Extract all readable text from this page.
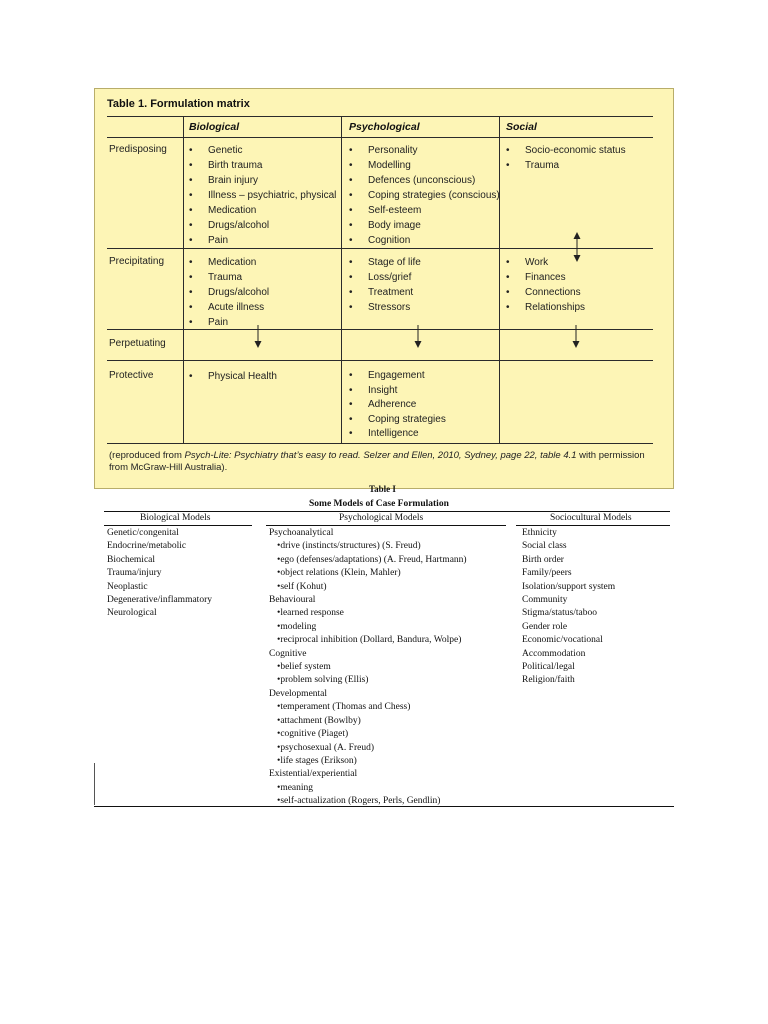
Table 1. Formulation matrix
Biological	Psychological	Social
Predisposing
Precipitating
Perpetuating
Protective
• Genetic
• Birth trauma
• Brain injury
• Illness – psychiatric, physical
• Medication
• Drugs/alcohol
• Pain
• Personality
• Modelling
• Defences (unconscious)
• Coping strategies (conscious)
• Self-esteem
• Body image
• Cognition
• Socio-economic status
• Trauma
• Medication
• Trauma
• Drugs/alcohol
• Acute illness
• Pain
• Stage of life
• Loss/grief
• Treatment
• Stressors
• Work
• Finances
• Connections
• Relationships
• Physical Health
•	Engagement
• Insight
• Adherence
• Coping strategies
• Intelligence
(reproduced from Psych-Lite: Psychiatry that’s easy to read. Selzer and Ellen, 2010, Sydney, page 22, table 4.1 with permission from McGraw-Hill Australia).
Table I
Some Models of Case Formulation
Biological Models	Psychological Models	Sociocultural Models
Genetic/congenital
Endocrine/metabolic
Biochemical
Trauma/injury
Neoplastic
Degenerative/inflammatory
Neurological
Psychoanalytical
• drive (instincts/structures) (S. Freud)
• ego (defenses/adaptations) (A. Freud, Hartmann)
• object relations (Klein, Mahler)
• self (Kohut)
Behavioural
• learned response
• modeling
• reciprocal inhibition (Dollard, Bandura, Wolpe)
Cognitive
• belief system
• problem solving (Ellis)
Developmental
• temperament (Thomas and Chess)
• attachment (Bowlby)
• cognitive (Piaget)
• psychosexual (A. Freud)
• life stages (Erikson)
Existential/experiential
• meaning
• self-actualization (Rogers, Perls, Gendlin)
Ethnicity
Social class
Birth order
Family/peers
Isolation/support system
Community
Stigma/status/taboo
Gender role
Economic/vocational
Accommodation
Political/legal
Religion/faith
